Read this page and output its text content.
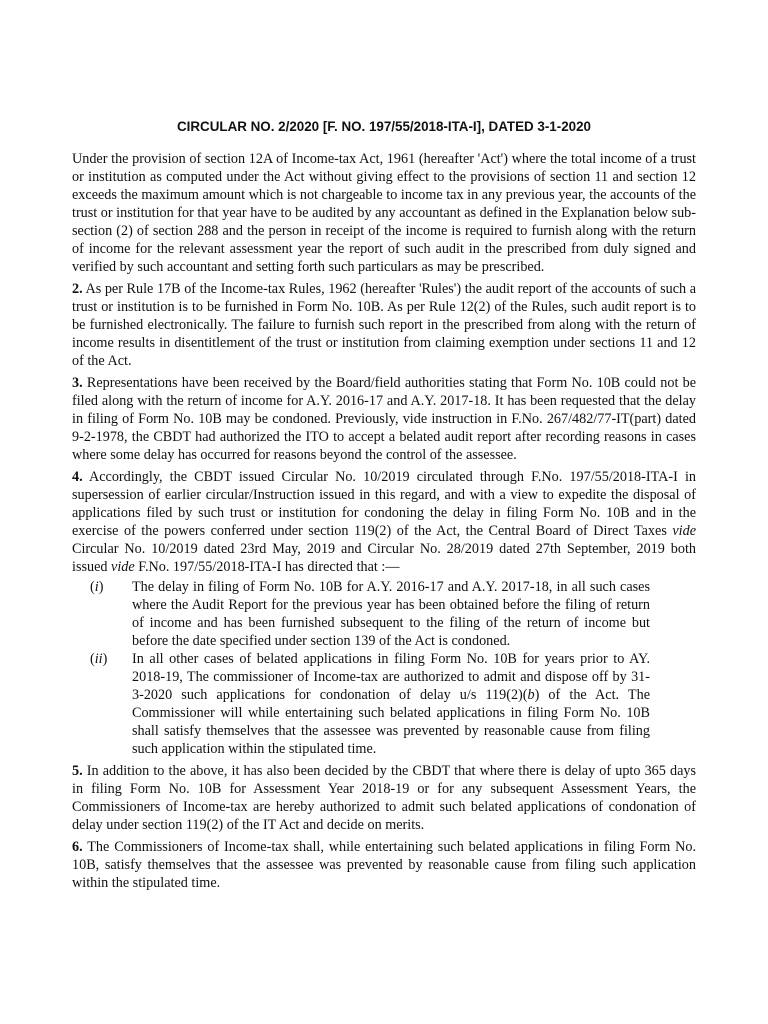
CIRCULAR NO. 2/2020 [F. NO. 197/55/2018-ITA-I], DATED 3-1-2020

Under the provision of section 12A of Income-tax Act, 1961 (hereafter 'Act') where the total income of a trust or institution as computed under the Act without giving effect to the provisions of section 11 and section 12 exceeds the maximum amount which is not chargeable to income tax in any previous year, the accounts of the trust or institution for that year have to be audited by any accountant as defined in the Explanation below sub-section (2) of section 288 and the person in receipt of the income is required to furnish along with the return of income for the relevant assessment year the report of such audit in the prescribed from duly signed and verified by such accountant and setting forth such particulars as may be prescribed.

2. As per Rule 17B of the Income-tax Rules, 1962 (hereafter 'Rules') the audit report of the accounts of such a trust or institution is to be furnished in Form No. 10B. As per Rule 12(2) of the Rules, such audit report is to be furnished electronically. The failure to furnish such report in the prescribed from along with the return of income results in disentitlement of the trust or institution from claiming exemption under sections 11 and 12 of the Act.

3. Representations have been received by the Board/field authorities stating that Form No. 10B could not be filed along with the return of income for A.Y. 2016-17 and A.Y. 2017-18. It has been requested that the delay in filing of Form No. 10B may be condoned. Previously, vide instruction in F.No. 267/482/77-IT(part) dated 9-2-1978, the CBDT had authorized the ITO to accept a belated audit report after recording reasons in cases where some delay has occurred for reasons beyond the control of the assessee.

4. Accordingly, the CBDT issued Circular No. 10/2019 circulated through F.No. 197/55/2018-ITA-I in supersession of earlier circular/Instruction issued in this regard, and with a view to expedite the disposal of applications filed by such trust or institution for condoning the delay in filing Form No. 10B and in the exercise of the powers conferred under section 119(2) of the Act, the Central Board of Direct Taxes vide Circular No. 10/2019 dated 23rd May, 2019 and Circular No. 28/2019 dated 27th September, 2019 both issued vide F.No. 197/55/2018-ITA-I has directed that :—

(i)	The delay in filing of Form No. 10B for A.Y. 2016-17 and A.Y. 2017-18, in all such cases where the Audit Report for the previous year has been obtained before the filing of return of income and has been furnished subsequent to the filing of the return of income but before the date specified under section 139 of the Act is condoned.
(ii)	In all other cases of belated applications in filing Form No. 10B for years prior to AY. 2018-19, The commissioner of Income-tax are authorized to admit and dispose off by 31-3-2020 such applications for condonation of delay u/s 119(2)(b) of the Act. The Commissioner will while entertaining such belated applications in filing Form No. 10B shall satisfy themselves that the assessee was prevented by reasonable cause from filing such application within the stipulated time.

5. In addition to the above, it has also been decided by the CBDT that where there is delay of upto 365 days in filing Form No. 10B for Assessment Year 2018-19 or for any subsequent Assessment Years, the Commissioners of Income-tax are hereby authorized to admit such belated applications of condonation of delay under section 119(2) of the IT Act and decide on merits.

6. The Commissioners of Income-tax shall, while entertaining such belated applications in filing Form No. 10B, satisfy themselves that the assessee was prevented by reasonable cause from filing such application within the stipulated time.
